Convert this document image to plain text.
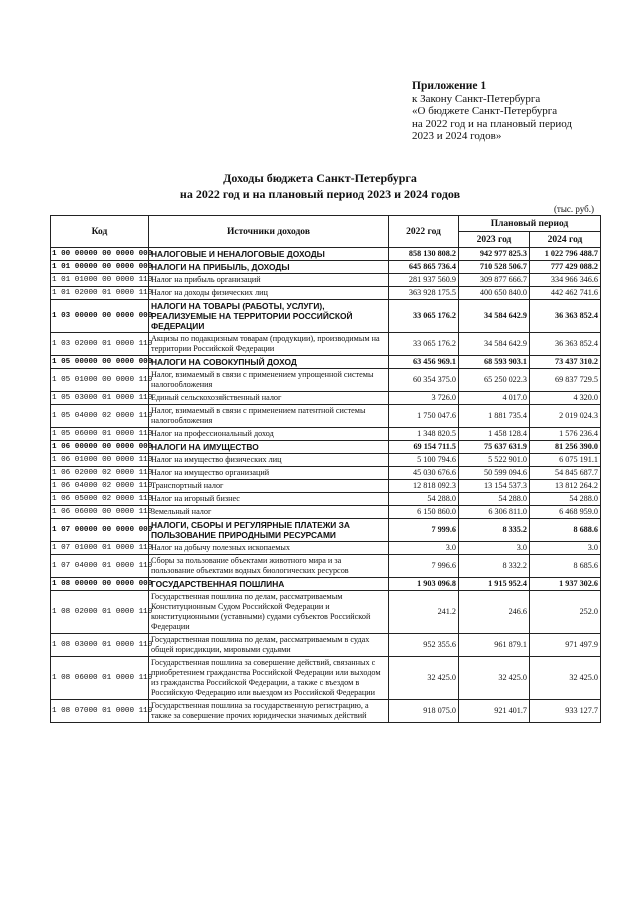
Приложение 1
к Закону Санкт-Петербурга
«О бюджете Санкт-Петербурга
на 2022 год и на плановый период
2023 и 2024 годов»
Доходы бюджета Санкт-Петербурга
на 2022 год и на плановый период 2023 и 2024 годов
(тыс. руб.)
Код	Источники доходов	2022 год	Плановый период	
			2023 год	2024 год
1 00 00000 00 0000 000	НАЛОГОВЫЕ И НЕНАЛОГОВЫЕ ДОХОДЫ	858 130 808.2	942 977 825.3	1 022 796 488.7
1 01 00000 00 0000 000	НАЛОГИ НА ПРИБЫЛЬ, ДОХОДЫ	645 865 736.4	710 528 506.7	777 429 088.2
1 01 01000 00 0000 110	Налог на прибыль организаций	281 937 560.9	309 877 666.7	334 966 346.6
1 01 02000 01 0000 110	Налог на доходы физических лиц	363 928 175.5	400 650 840.0	442 462 741.6
1 03 00000 00 0000 000	НАЛОГИ НА ТОВАРЫ (РАБОТЫ, УСЛУГИ), РЕАЛИЗУЕМЫЕ НА ТЕРРИТОРИИ РОССИЙСКОЙ ФЕДЕРАЦИИ	33 065 176.2	34 584 642.9	36 363 852.4
1 03 02000 01 0000 110	Акцизы по подакцизным товарам (продукции), производимым на территории Российской Федерации	33 065 176.2	34 584 642.9	36 363 852.4
1 05 00000 00 0000 000	НАЛОГИ НА СОВОКУПНЫЙ ДОХОД	63 456 969.1	68 593 903.1	73 437 310.2
1 05 01000 00 0000 110	Налог, взимаемый в связи с применением упрощенной системы налогообложения	60 354 375.0	65 250 022.3	69 837 729.5
1 05 03000 01 0000 110	Единый сельскохозяйственный налог	3 726.0	4 017.0	4 320.0
1 05 04000 02 0000 110	Налог, взимаемый в связи с применением патентной системы налогообложения	1 750 047.6	1 881 735.4	2 019 024.3
1 05 06000 01 0000 110	Налог на профессиональный доход	1 348 820.5	1 458 128.4	1 576 236.4
1 06 00000 00 0000 000	НАЛОГИ НА ИМУЩЕСТВО	69 154 711.5	75 637 631.9	81 256 390.0
1 06 01000 00 0000 110	Налог на имущество физических лиц	5 100 794.6	5 522 901.0	6 075 191.1
1 06 02000 02 0000 110	Налог на имущество организаций	45 030 676.6	50 599 094.6	54 845 687.7
1 06 04000 02 0000 110	Транспортный налог	12 818 092.3	13 154 537.3	13 812 264.2
1 06 05000 02 0000 110	Налог на игорный бизнес	54 288.0	54 288.0	54 288.0
1 06 06000 00 0000 110	Земельный налог	6 150 860.0	6 306 811.0	6 468 959.0
1 07 00000 00 0000 000	НАЛОГИ, СБОРЫ И РЕГУЛЯРНЫЕ ПЛАТЕЖИ ЗА ПОЛЬЗОВАНИЕ ПРИРОДНЫМИ РЕСУРСАМИ	7 999.6	8 335.2	8 688.6
1 07 01000 01 0000 110	Налог на добычу полезных ископаемых	3.0	3.0	3.0
1 07 04000 01 0000 110	Сборы за пользование объектами животного мира и за пользование объектами водных биологических ресурсов	7 996.6	8 332.2	8 685.6
1 08 00000 00 0000 000	ГОСУДАРСТВЕННАЯ ПОШЛИНА	1 903 096.8	1 915 952.4	1 937 302.6
1 08 02000 01 0000 110	Государственная пошлина по делам, рассматриваемым Конституционным Судом Российской Федерации и конституционными (уставными) судами субъектов Российской Федерации	241.2	246.6	252.0
1 08 03000 01 0000 110	Государственная пошлина по делам, рассматриваемым в судах общей юрисдикции, мировыми судьями	952 355.6	961 879.1	971 497.9
1 08 06000 01 0000 110	Государственная пошлина за совершение действий, связанных с приобретением гражданства Российской Федерации или выходом из гражданства Российской Федерации, а также с въездом в Российскую Федерацию или выездом из Российской Федерации	32 425.0	32 425.0	32 425.0
1 08 07000 01 0000 110	Государственная пошлина за государственную регистрацию, а также за совершение прочих юридически значимых действий	918 075.0	921 401.7	933 127.7
